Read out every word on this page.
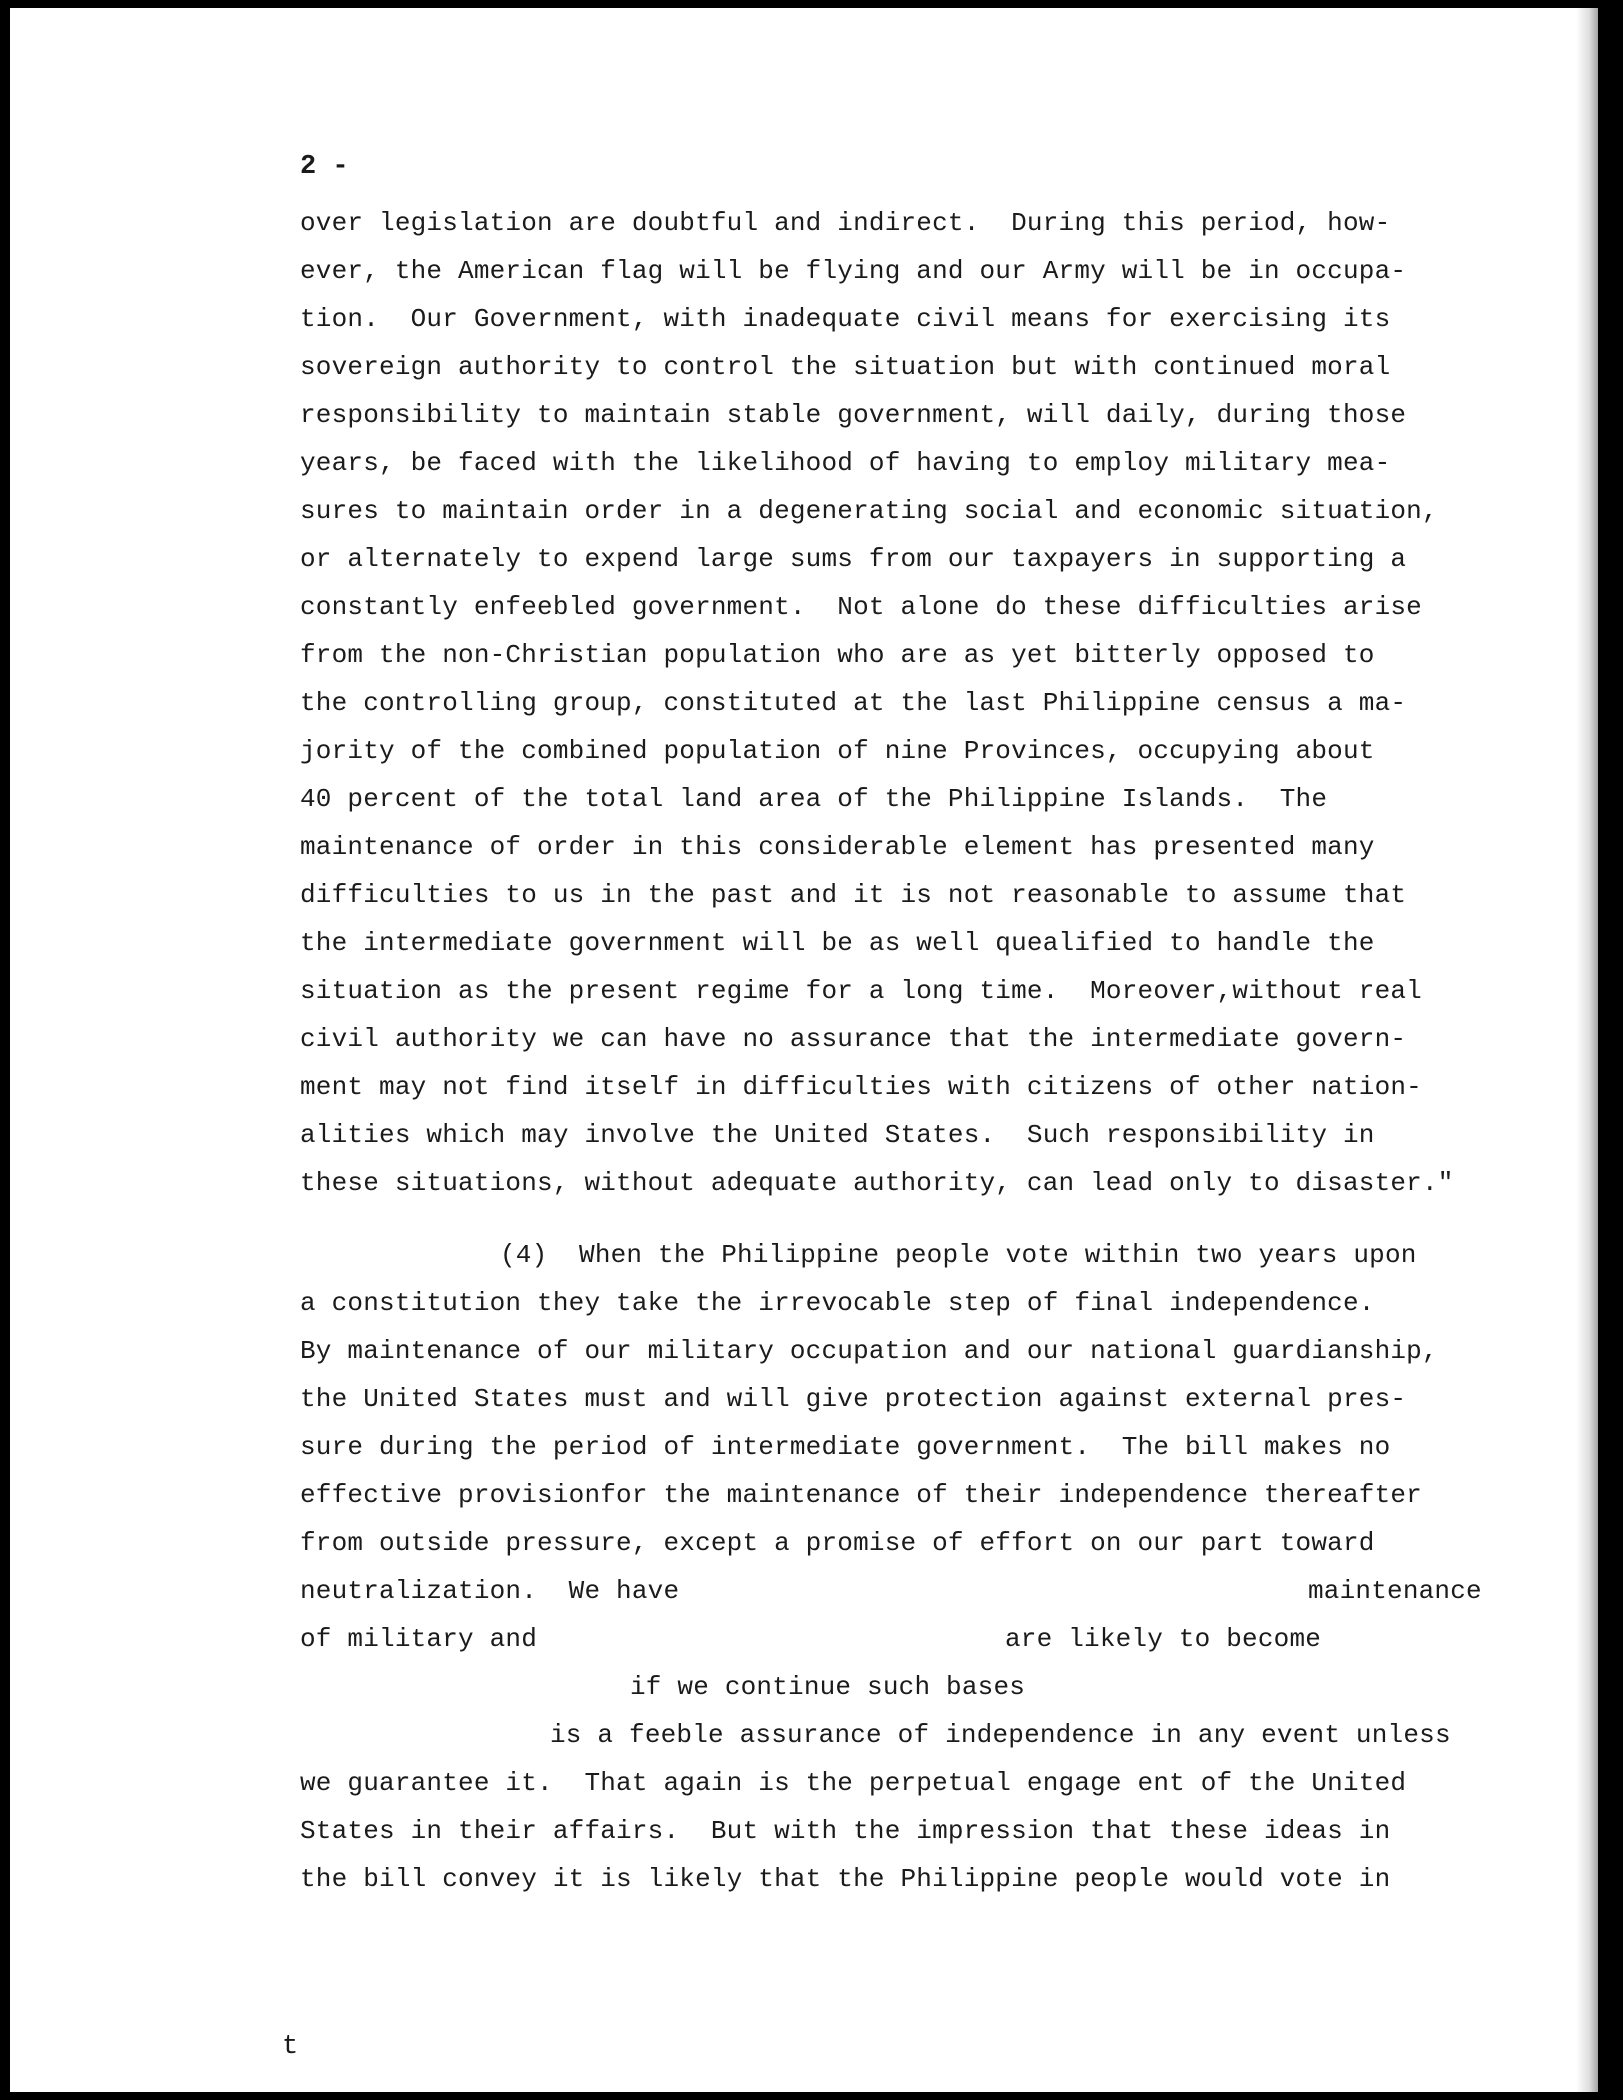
2 -

over legislation are doubtful and indirect.  During this period, how-

ever, the American flag will be flying and our Army will be in occupa-

tion.  Our Government, with inadequate civil means for exercising its

sovereign authority to control the situation but with continued moral

responsibility to maintain stable government, will daily, during those

years, be faced with the likelihood of having to employ military mea-

sures to maintain order in a degenerating social and economic situation,

or alternately to expend large sums from our taxpayers in supporting a

constantly enfeebled government.  Not alone do these difficulties arise

from the non-Christian population who are as yet bitterly opposed to

the controlling group, constituted at the last Philippine census a ma-

jority of the combined population of nine Provinces, occupying about

40 percent of the total land area of the Philippine Islands.  The

maintenance of order in this considerable element has presented many

difficulties to us in the past and it is not reasonable to assume that

the intermediate government will be as well quealified to handle the

situation as the present regime for a long time.  Moreover,without real

civil authority we can have no assurance that the intermediate govern-

ment may not find itself in difficulties with citizens of other nation-

alities which may involve the United States.  Such responsibility in

these situations, without adequate authority, can lead only to disaster."

(4)  When the Philippine people vote within two years upon

a constitution they take the irrevocable step of final independence.

By maintenance of our military occupation and our national guardianship,

the United States must and will give protection against external pres-

sure during the period of intermediate government.  The bill makes no

effective provisionfor the maintenance of their independence thereafter

from outside pressure, except a promise of effort on our part toward

neutralization.  We have	maintenance

of military and	are likely to become

if we continue such bases

is a feeble assurance of independence in any event unless

we guarantee it.  That again is the perpetual engage ent of the United

States in their affairs.  But with the impression that these ideas in

the bill convey it is likely that the Philippine people would vote in

t
